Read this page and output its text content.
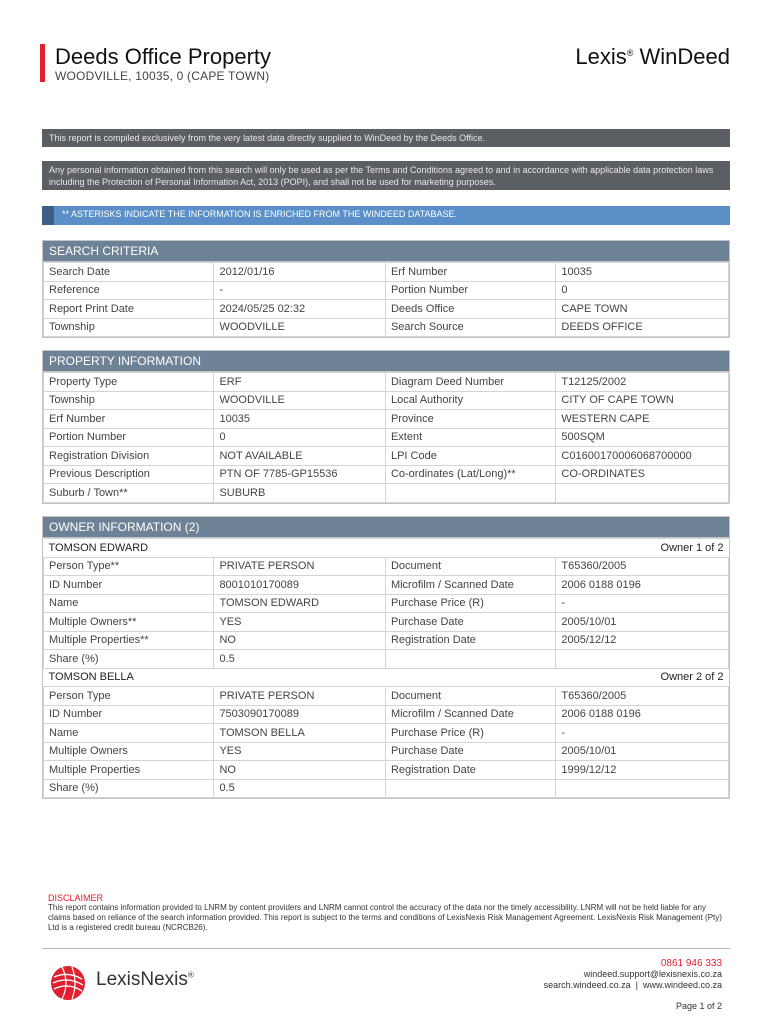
Deeds Office Property
WOODVILLE, 10035, 0 (CAPE TOWN)
Lexis® WinDeed
This report is compiled exclusively from the very latest data directly supplied to WinDeed by the Deeds Office.
Any personal information obtained from this search will only be used as per the Terms and Conditions agreed to and in accordance with applicable data protection laws including the Protection of Personal Information Act, 2013 (POPI), and shall not be used for marketing purposes.
** ASTERISKS INDICATE THE INFORMATION IS ENRICHED FROM THE WINDEED DATABASE.
SEARCH CRITERIA
Search Date	2012/01/16	Erf Number	10035
Reference	-	Portion Number	0
Report Print Date	2024/05/25 02:32	Deeds Office	CAPE TOWN
Township	WOODVILLE	Search Source	DEEDS OFFICE
PROPERTY INFORMATION
Property Type	ERF	Diagram Deed Number	T12125/2002
Township	WOODVILLE	Local Authority	CITY OF CAPE TOWN
Erf Number	10035	Province	WESTERN CAPE
Portion Number	0	Extent	500SQM
Registration Division	NOT AVAILABLE	LPI Code	C01600170006068700000
Previous Description	PTN OF 7785-GP15536	Co-ordinates (Lat/Long)**	CO-ORDINATES
Suburb / Town**	SUBURB		
OWNER INFORMATION (2)
TOMSON EDWARD		Owner 1 of 2	
Person Type**	PRIVATE PERSON	Document	T65360/2005
ID Number	8001010170089	Microfilm / Scanned Date	2006 0188 0196
Name	TOMSON EDWARD	Purchase Price (R)	-
Multiple Owners**	YES	Purchase Date	2005/10/01
Multiple Properties**	NO	Registration Date	2005/12/12
Share (%)	0.5		
TOMSON BELLA		Owner 2 of 2	
Person Type	PRIVATE PERSON	Document	T65360/2005
ID Number	7503090170089	Microfilm / Scanned Date	2006 0188 0196
Name	TOMSON BELLA	Purchase Price (R)	-
Multiple Owners	YES	Purchase Date	2005/10/01
Multiple Properties	NO	Registration Date	1999/12/12
Share (%)	0.5		
DISCLAIMER
This report contains information provided to LNRM by content providers and LNRM cannot control the accuracy of the data nor the timely accessibility. LNRM will not be held liable for any claims based on reliance of the search information provided. This report is subject to the terms and conditions of LexisNexis Risk Management Agreement. LexisNexis Risk Management (Pty) Ltd is a registered credit bureau (NCRCB26).
LexisNexis®
0861 946 333
windeed.support@lexisnexis.co.za
search.windeed.co.za  |  www.windeed.co.za
Page 1 of 2
